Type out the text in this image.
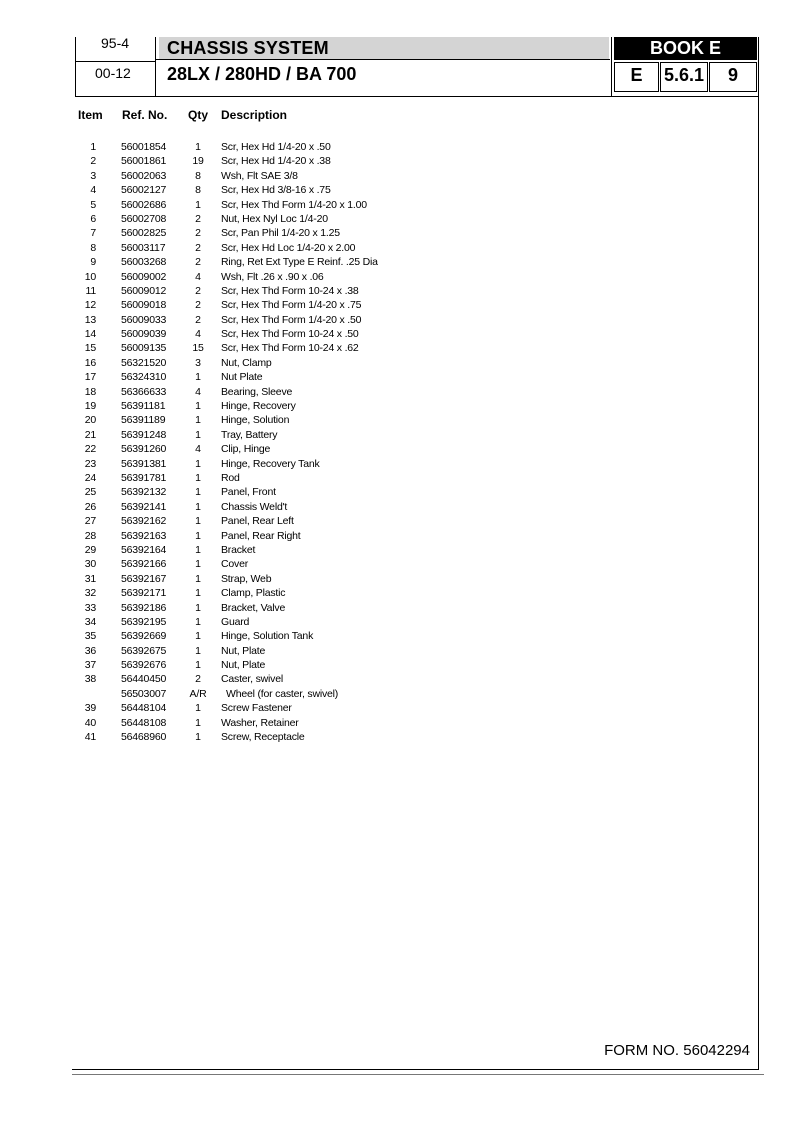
95-4
00-12
CHASSIS SYSTEM
28LX / 280HD / BA 700
BOOK E
E	5.6.1	9
Item Ref. No. Qty Description
1 56001854	1	Scr, Hex Hd 1/4-20 x .50
2 56001861	19	Scr, Hex Hd 1/4-20 x .38
3 56002063	8	Wsh, Flt SAE 3/8
4 56002127	8	Scr, Hex Hd 3/8-16 x .75
5 56002686	1	Scr, Hex Thd Form 1/4-20 x 1.00
6 56002708	2	Nut, Hex Nyl Loc 1/4-20
7 56002825	2	Scr, Pan Phil 1/4-20 x 1.25
8 56003117	2	Scr, Hex Hd Loc 1/4-20 x 2.00
9 56003268	2	Ring, Ret Ext Type E Reinf. .25 Dia
10 56009002	4	Wsh, Flt .26 x .90 x .06
11 56009012	2	Scr, Hex Thd Form 10-24 x .38
12 56009018	2	Scr, Hex Thd Form 1/4-20 x .75
13 56009033	2	Scr, Hex Thd Form 1/4-20 x .50
14 56009039	4	Scr, Hex Thd Form 10-24 x .50
15 56009135	15	Scr, Hex Thd Form 10-24 x .62
16 56321520	3	Nut, Clamp
17 56324310	1	Nut Plate
18 56366633	4	Bearing, Sleeve
19 56391181	1	Hinge, Recovery
20 56391189	1	Hinge, Solution
21 56391248	1	Tray, Battery
22 56391260	4	Clip, Hinge
23 56391381	1	Hinge, Recovery Tank
24 56391781	1	Rod
25 56392132	1	Panel, Front
26 56392141	1	Chassis Weld't
27 56392162	1	Panel, Rear Left
28 56392163	1	Panel, Rear Right
29 56392164	1	Bracket
30 56392166	1	Cover
31 56392167	1	Strap, Web
32 56392171	1	Clamp, Plastic
33 56392186	1	Bracket, Valve
34 56392195	1	Guard
35 56392669	1	Hinge, Solution Tank
36 56392675	1	Nut, Plate
37 56392676	1	Nut, Plate
38 56440450	2	Caster, swivel
56503007	A/R	Wheel (for caster, swivel)
39 56448104	1	Screw Fastener
40 56448108	1	Washer, Retainer
41 56468960	1	Screw, Receptacle
FORM NO. 56042294
